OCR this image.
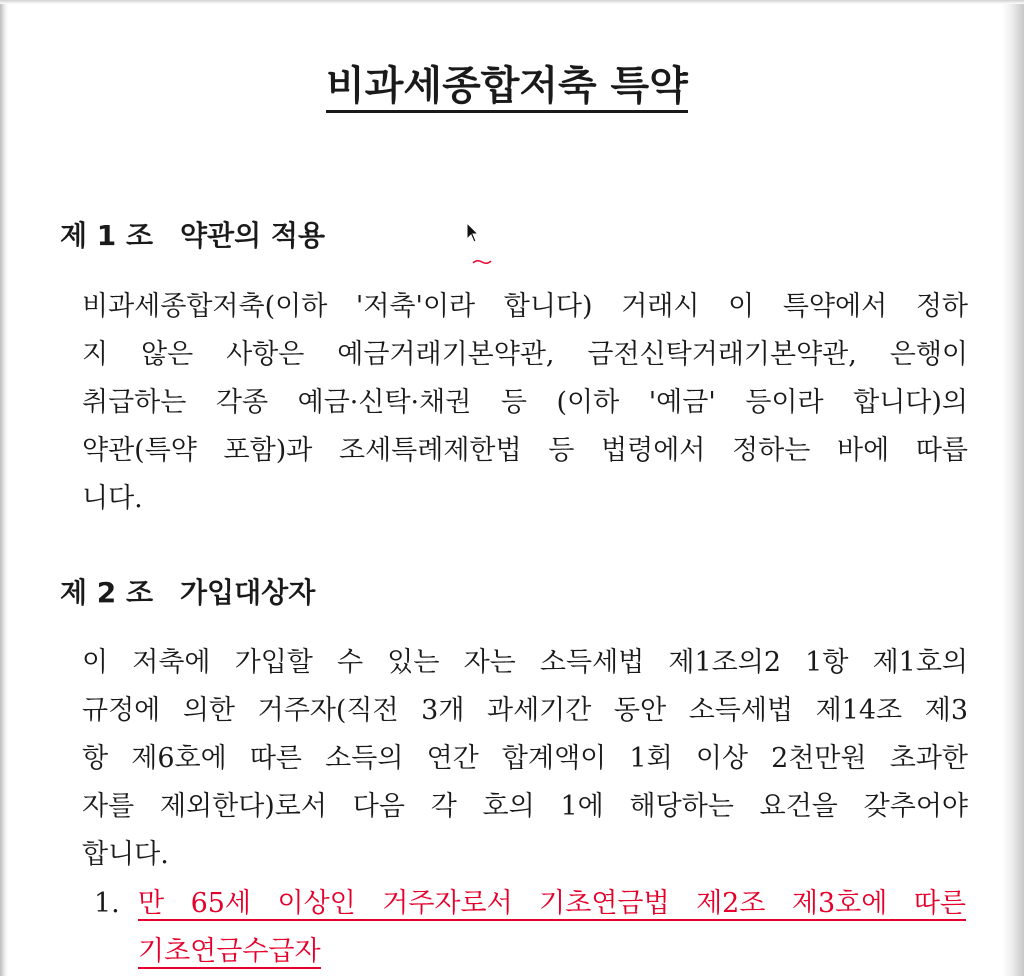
비과세종합저축 특약
제 1 조 약관의 적용
비과세종합저축(이하 '저축'이라 합니다) 거래시 이 특약에서 정하
지 않은 사항은 예금거래기본약관, 금전신탁거래기본약관, 은행이
취급하는 각종 예금·신탁·채권 등 (이하 '예금' 등이라 합니다)의
약관(특약 포함)과 조세특례제한법 등 법령에서 정하는 바에 따릅
니다.
제 2 조 가입대상자
이 저축에 가입할 수 있는 자는 소득세법 제1조의2 1항 제1호의
규정에 의한 거주자(직전 3개 과세기간 동안 소득세법 제14조 제3
항 제6호에 따른 소득의 연간 합계액이 1회 이상 2천만원 초과한
자를 제외한다)로서 다음 각 호의 1에 해당하는 요건을 갖추어야
합니다.
1. 만 65세 이상인 거주자로서 기초연금법 제2조 제3호에 따른
기초연금수급자
